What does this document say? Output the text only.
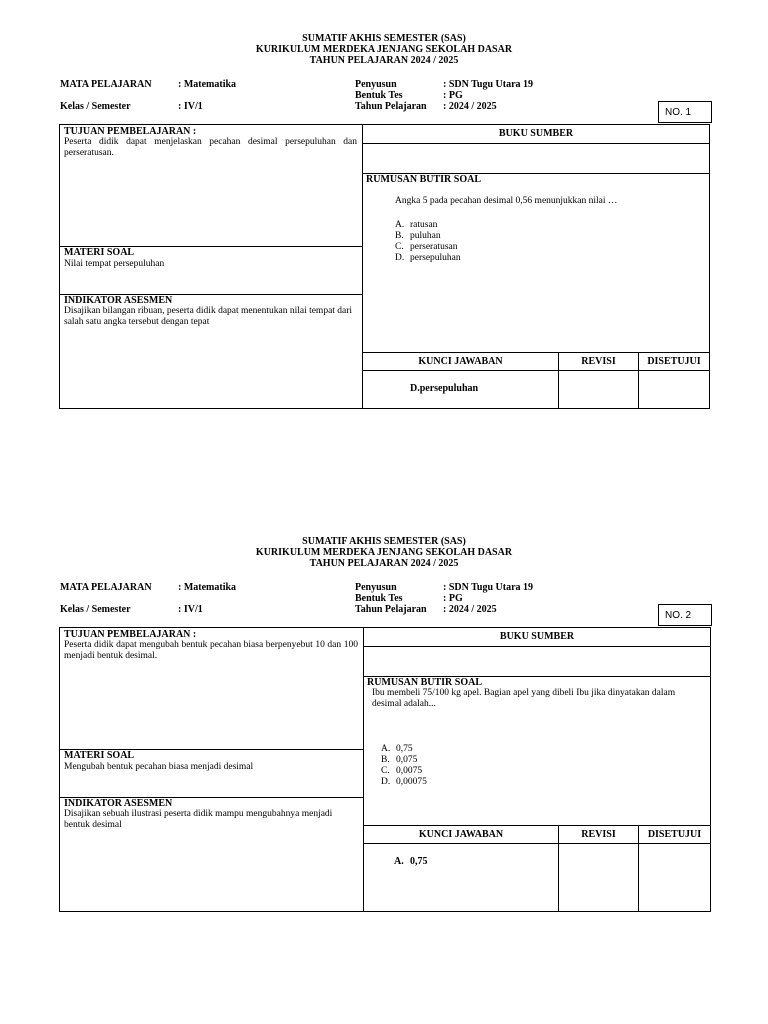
SUMATIF AKHIS SEMESTER (SAS)
KURIKULUM MERDEKA JENJANG SEKOLAH DASAR
TAHUN PELAJARAN 2024 / 2025
MATA PELAJARAN	: Matematika
Kelas / Semester	: IV/1
Penyusun	: SDN Tugu Utara 19
Bentuk Tes	: PG
Tahun Pelajaran : 2024 / 2025
NO. 1
TUJUAN PEMBELAJARAN :
Peserta didik dapat menjelaskan pecahan desimal persepuluhan dan perseratusan.
MATERI SOAL
Nilai tempat persepuluhan
INDIKATOR ASESMEN
Disajikan bilangan ribuan, peserta didik dapat menentukan nilai tempat dari salah satu angka tersebut dengan tepat
BUKU SUMBER
RUMUSAN BUTIR SOAL
Angka 5 pada pecahan desimal 0,56 menunjukkan nilai …
A. ratusan
B. puluhan
C. perseratusan
D. persepuluhan
KUNCI JAWABAN	REVISI	DISETUJUI
D.persepuluhan
SUMATIF AKHIS SEMESTER (SAS)
KURIKULUM MERDEKA JENJANG SEKOLAH DASAR
TAHUN PELAJARAN 2024 / 2025
MATA PELAJARAN	: Matematika
Kelas / Semester	: IV/1
Penyusun	: SDN Tugu Utara 19
Bentuk Tes	: PG
Tahun Pelajaran : 2024 / 2025
NO. 2
TUJUAN PEMBELAJARAN :
Peserta didik dapat mengubah bentuk pecahan biasa berpenyebut 10 dan 100 menjadi bentuk desimal.
MATERI SOAL
Mengubah bentuk pecahan biasa menjadi desimal
INDIKATOR ASESMEN
Disajikan sebuah ilustrasi peserta didik mampu mengubahnya menjadi bentuk desimal
BUKU SUMBER
RUMUSAN BUTIR SOAL
Ibu membeli 75/100 kg apel. Bagian apel yang dibeli Ibu jika dinyatakan dalam desimal adalah...
A. 0,75
B. 0,075
C. 0,0075
D. 0,00075
KUNCI JAWABAN	REVISI	DISETUJUI
A. 0,75
